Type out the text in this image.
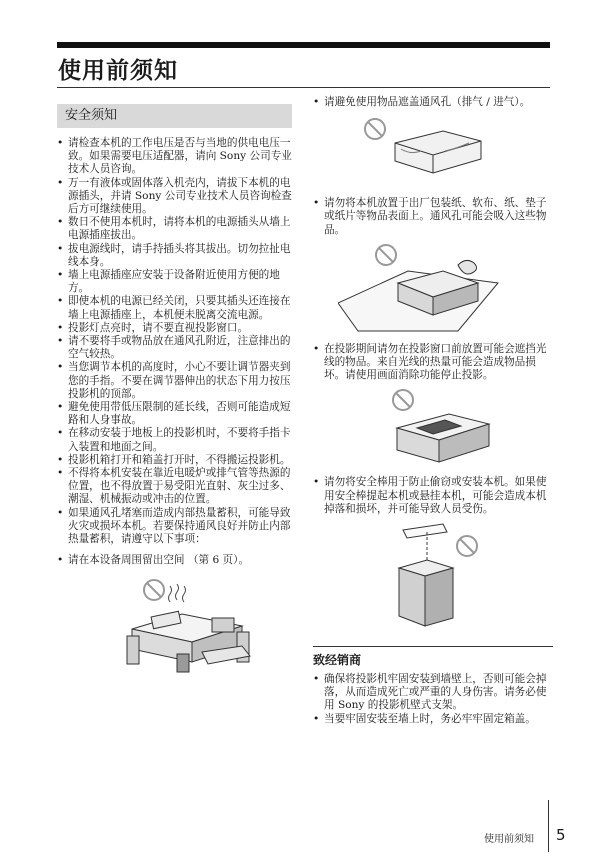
使用前须知
安全须知
• 请检查本机的工作电压是否与当地的供电电压一致。如果需要电压适配器，请向 Sony 公司专业技术人员咨询。
• 万一有液体或固体落入机壳内，请拔下本机的电源插头，并请 Sony 公司专业技术人员咨询检查后方可继续使用。
• 数日不使用本机时，请将本机的电源插头从墙上电源插座拔出。
• 拔电源线时，请手持插头将其拔出。切勿拉扯电线本身。
• 墙上电源插座应安装于设备附近使用方便的地方。
• 即使本机的电源已经关闭，只要其插头还连接在墙上电源插座上，本机便未脱离交流电源。
• 投影灯点亮时，请不要直视投影窗口。
• 请不要将手或物品放在通风孔附近，注意排出的空气较热。
• 当您调节本机的高度时，小心不要让调节器夹到您的手指。不要在调节器伸出的状态下用力按压投影机的顶部。
• 避免使用带低压限制的延长线，否则可能造成短路和人身事故。
• 在移动安装于地板上的投影机时，不要将手指卡入装置和地面之间。
• 投影机箱打开和箱盖打开时，不得搬运投影机。
• 不得将本机安装在靠近电暖炉或排气管等热源的位置，也不得放置于易受阳光直射、灰尘过多、潮湿、机械振动或冲击的位置。
• 如果通风孔堵塞而造成内部热量蓄积，可能导致火灾或损坏本机。若要保持通风良好并防止内部热量蓄积，请遵守以下事项：
• 请在本设备周围留出空间 （第 6 页）。
• 请避免使用物品遮盖通风孔（排气 / 进气）。
• 请勿将本机放置于出厂包装纸、软布、纸、垫子或纸片等物品表面上。通风孔可能会吸入这些物品。
• 在投影期间请勿在投影窗口前放置可能会遮挡光线的物品。来自光线的热量可能会造成物品损坏。请使用画面消除功能停止投影。
• 请勿将安全棒用于防止偷窃或安装本机。如果使用安全棒提起本机或悬挂本机，可能会造成本机掉落和损坏，并可能导致人员受伤。
致经销商
• 确保将投影机牢固安装到墙壁上，否则可能会掉落，从而造成死亡或严重的人身伤害。请务必使用 Sony 的投影机壁式支架。
• 当要牢固安装至墙上时，务必牢牢固定箱盖。
使用前须知 5
